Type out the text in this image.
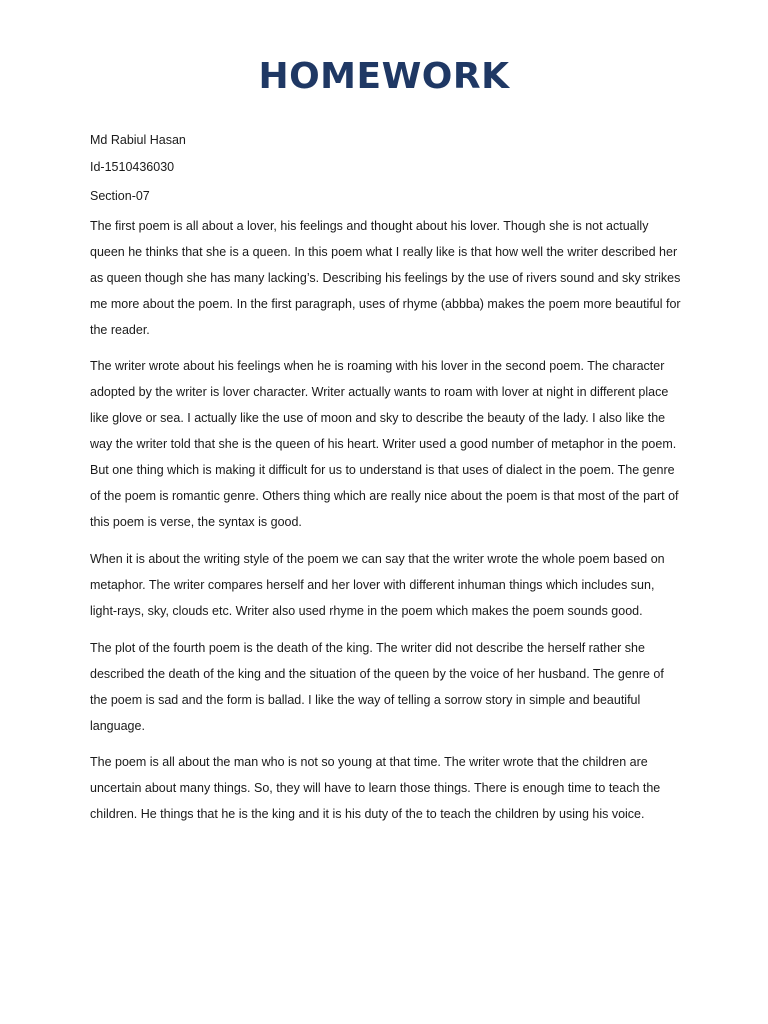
HOMEWORK

Md Rabiul Hasan

Id-1510436030

Section-07

The first poem is all about a lover, his feelings and thought about his lover. Though she is not actually queen he thinks that she is a queen. In this poem what I really like is that how well the writer described her as queen though she has many lacking’s. Describing his feelings by the use of rivers sound and sky strikes me more about the poem. In the first paragraph, uses of rhyme (abbba) makes the poem more beautiful for the reader.

The writer wrote about his feelings when he is roaming with his lover in the second poem. The character adopted by the writer is lover character. Writer actually wants to roam with lover at night in different place like glove or sea. I actually like the use of moon and sky to describe the beauty of the lady. I also like the way the writer told that she is the queen of his heart. Writer used a good number of metaphor in the poem. But one thing which is making it difficult for us to understand is that uses of dialect in the poem. The genre of the poem is romantic genre. Others thing which are really nice about the poem is that most of the part of this poem is verse, the syntax is good.

When it is about the writing style of the poem we can say that the writer wrote the whole poem based on metaphor. The writer compares herself and her lover with different inhuman things which includes sun, light-rays, sky, clouds etc. Writer also used rhyme in the poem which makes the poem sounds good.

The plot of the fourth poem is the death of the king. The writer did not describe the herself rather she described the death of the king and the situation of the queen by the voice of her husband. The genre of the poem is sad and the form is ballad. I like the way of telling a sorrow story in simple and beautiful language.

The poem is all about the man who is not so young at that time. The writer wrote that the children are uncertain about many things. So, they will have to learn those things. There is enough time to teach the children. He things that he is the king and it is his duty of the to teach the children by using his voice.
